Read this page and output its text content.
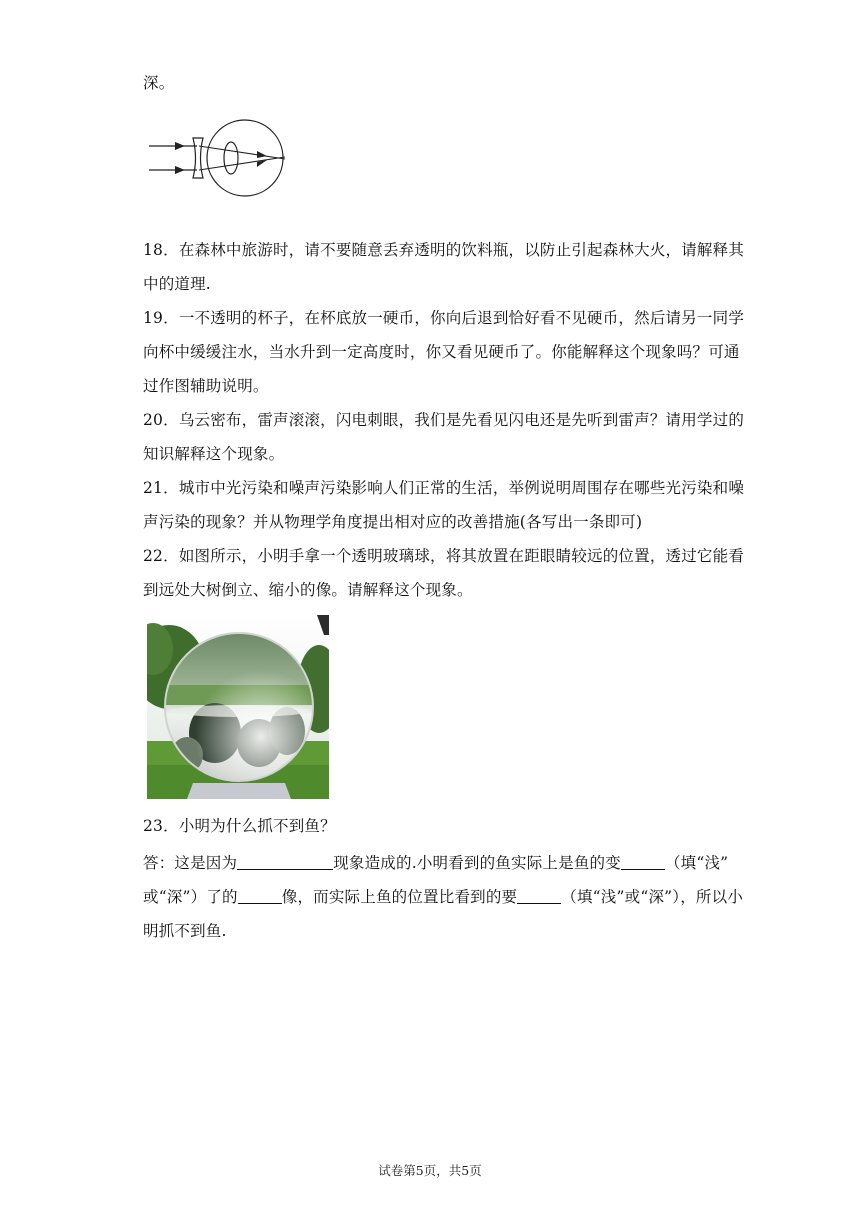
深。
18．在森林中旅游时，请不要随意丢弃透明的饮料瓶，以防止引起森林大火，请解释其
中的道理.
19．一不透明的杯子，在杯底放一硬币，你向后退到恰好看不见硬币，然后请另一同学
向杯中缓缓注水，当水升到一定高度时，你又看见硬币了。你能解释这个现象吗？可通
过作图辅助说明。
20．乌云密布，雷声滚滚，闪电刺眼，我们是先看见闪电还是先听到雷声？请用学过的
知识解释这个现象。
21．城市中光污染和噪声污染影响人们正常的生活，举例说明周围存在哪些光污染和噪
声污染的现象？并从物理学角度提出相对应的改善措施(各写出一条即可)
22．如图所示，小明手拿一个透明玻璃球，将其放置在距眼睛较远的位置，透过它能看
到远处大树倒立、缩小的像。请解释这个现象。
23．小明为什么抓不到鱼？
答：这是因为	现象造成的.小明看到的鱼实际上是鱼的变	（填“浅”
或“深”）了的	像，而实际上鱼的位置比看到的要	（填“浅”或“深”），所以小
明抓不到鱼.
试卷第5页，共5页
